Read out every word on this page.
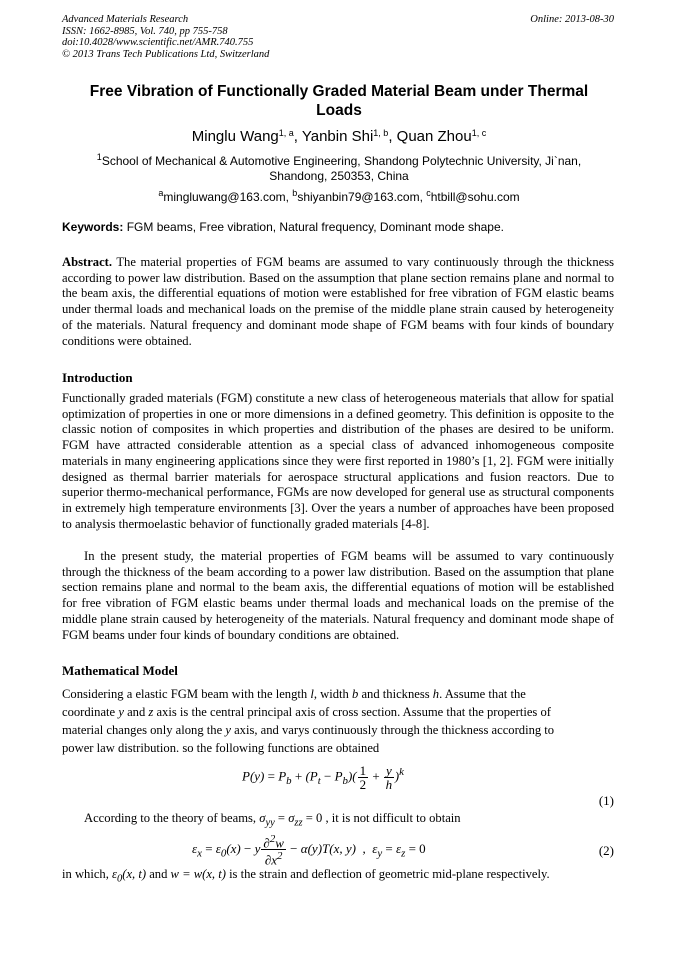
Advanced Materials Research
ISSN: 1662-8985, Vol. 740, pp 755-758
doi:10.4028/www.scientific.net/AMR.740.755
© 2013 Trans Tech Publications Ltd, Switzerland
Online: 2013-08-30
Free Vibration of Functionally Graded Material Beam under Thermal Loads
Minglu Wang$^{1, a}$, Yanbin Shi$^{1, b}$, Quan Zhou$^{1, c}$
$^1$School of Mechanical & Automotive Engineering, Shandong Polytechnic University, Ji`nan, Shandong, 250353, China
$^a$mingluwang@163.com, $^b$shiyanbin79@163.com, $^c$htbill@sohu.com
Keywords: FGM beams, Free vibration, Natural frequency, Dominant mode shape.

Abstract. The material properties of FGM beams are assumed to vary continuously through the thickness according to power law distribution. Based on the assumption that plane section remains plane and normal to the beam axis, the differential equations of motion were established for free vibration of FGM elastic beams under thermal loads and mechanical loads on the premise of the middle plane strain caused by heterogeneity of the materials. Natural frequency and dominant mode shape of FGM beams with four kinds of boundary conditions were obtained.

Introduction

Functionally graded materials (FGM) constitute a new class of heterogeneous materials that allow for spatial optimization of properties in one or more dimensions in a defined geometry. This definition is opposite to the classic notion of composites in which properties and distribution of the phases are desired to be uniform. FGM have attracted considerable attention as a special class of advanced inhomogeneous composite materials in many engineering applications since they were first reported in 1980’s [1, 2]. FGM were initially designed as thermal barrier materials for aerospace structural applications and fusion reactors. Due to superior thermo-mechanical performance, FGMs are now developed for general use as structural components in extremely high temperature environments [3]. Over the years a number of approaches have been proposed to analysis thermoelastic behavior of functionally graded materials [4-8].

In the present study, the material properties of FGM beams will be assumed to vary continuously through the thickness of the beam according to a power law distribution. Based on the assumption that plane section remains plane and normal to the beam axis, the differential equations of motion will be established for free vibration of FGM elastic beams under thermal loads and mechanical loads on the premise of the middle plane strain caused by heterogeneity of the materials. Natural frequency and dominant mode shape of FGM beams under four kinds of boundary conditions are obtained.

Mathematical Model
Considering a elastic FGM beam with the length l, width b and thickness h. Assume that the
coordinate y and z axis is the central principal axis of cross section. Assume that the properties of
material changes only along the y axis, and varys continuously through the thickness according to
power law distribution. so the following functions are obtained
$P(y) = P_b + (P_t - P_b)( \frac{1}{2} + \frac{y}{h} )^k$
(1)
According to the theory of beams, $\sigma_{yy} = \sigma_{zz} = 0$ , it is not difficult to obtain
$\varepsilon_x = \varepsilon_0(x) - y \frac{\partial^2w}{\partial x^2} - \alpha(y)T(x$, y)  ,  $\varepsilon_y = \varepsilon_z = 0$	(2)
in which, $\varepsilon_0(x$, t) and w = w(x, t) is the strain and deflection of geometric mid-plane respectively.
